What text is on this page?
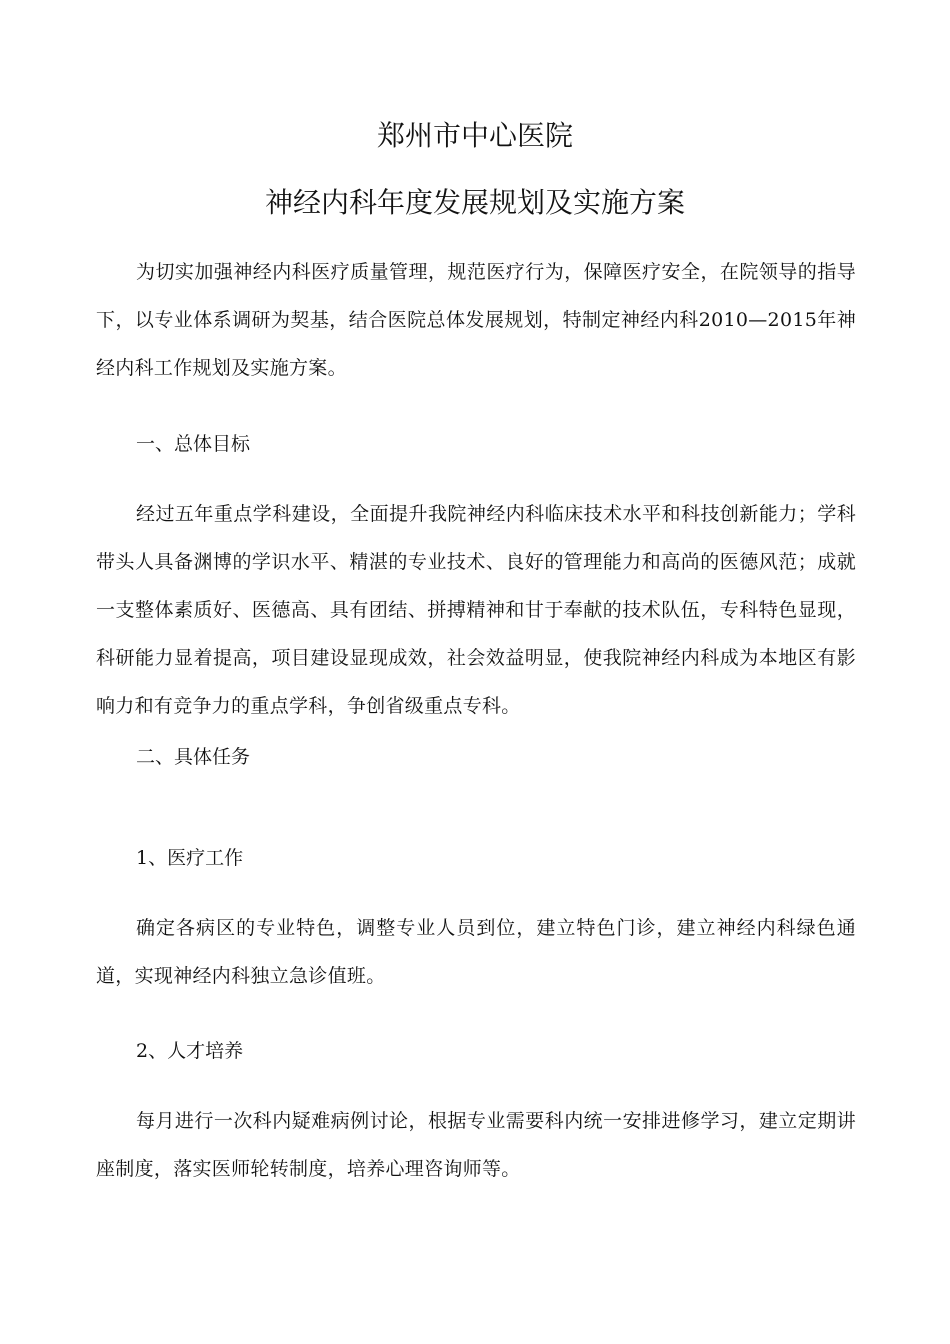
郑州市中心医院
神经内科年度发展规划及实施方案

为切实加强神经内科医疗质量管理，规范医疗行为，保障医疗安全，在院领导的指导下，以专业体系调研为契基，结合医院总体发展规划，特制定神经内科2010—2015年神经内科工作规划及实施方案。

一、总体目标

经过五年重点学科建设，全面提升我院神经内科临床技术水平和科技创新能力；学科带头人具备渊博的学识水平、精湛的专业技术、良好的管理能力和高尚的医德风范；成就一支整体素质好、医德高、具有团结、拼搏精神和甘于奉献的技术队伍，专科特色显现，科研能力显着提高，项目建设显现成效，社会效益明显，使我院神经内科成为本地区有影响力和有竞争力的重点学科，争创省级重点专科。

二、具体任务
1、医疗工作

确定各病区的专业特色，调整专业人员到位，建立特色门诊，建立神经内科绿色通道，实现神经内科独立急诊值班。

2、人才培养

每月进行一次科内疑难病例讨论，根据专业需要科内统一安排进修学习，建立定期讲座制度，落实医师轮转制度，培养心理咨询师等。
